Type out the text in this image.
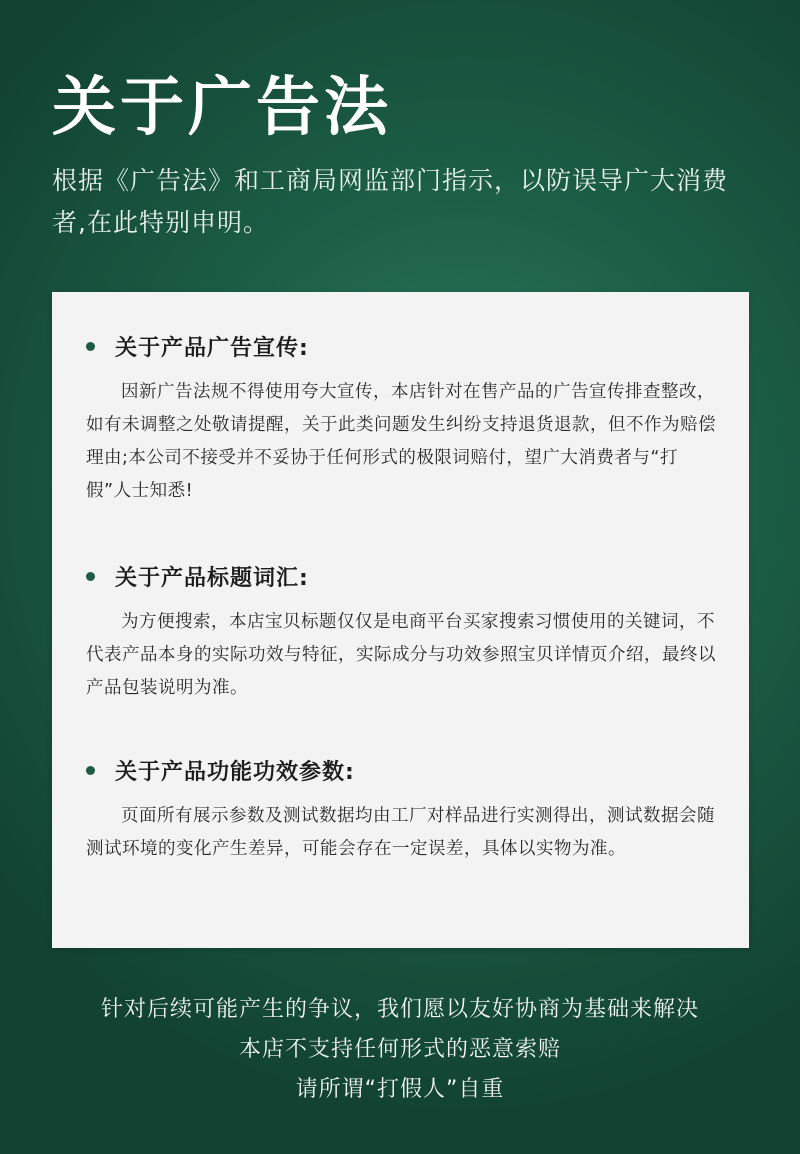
关于广告法

根据《广告法》和工商局网监部门指示，以防误导广大消费者,在此特别申明。

关于产品广告宣传:

因新广告法规不得使用夸大宣传，本店针对在售产品的广告宣传排查整改，如有未调整之处敬请提醒，关于此类问题发生纠纷支持退货退款，但不作为赔偿理由;本公司不接受并不妥协于任何形式的极限词赔付，望广大消费者与“打假”人士知悉!

关于产品标题词汇:

为方便搜索，本店宝贝标题仅仅是电商平台买家搜索习惯使用的关键词，不代表产品本身的实际功效与特征，实际成分与功效参照宝贝详情页介绍，最终以产品包装说明为准。

关于产品功能功效参数:

页面所有展示参数及测试数据均由工厂对样品进行实测得出，测试数据会随测试环境的变化产生差异，可能会存在一定误差，具体以实物为准。

针对后续可能产生的争议，我们愿以友好协商为基础来解决
本店不支持任何形式的恶意索赔
请所谓“打假人”自重
